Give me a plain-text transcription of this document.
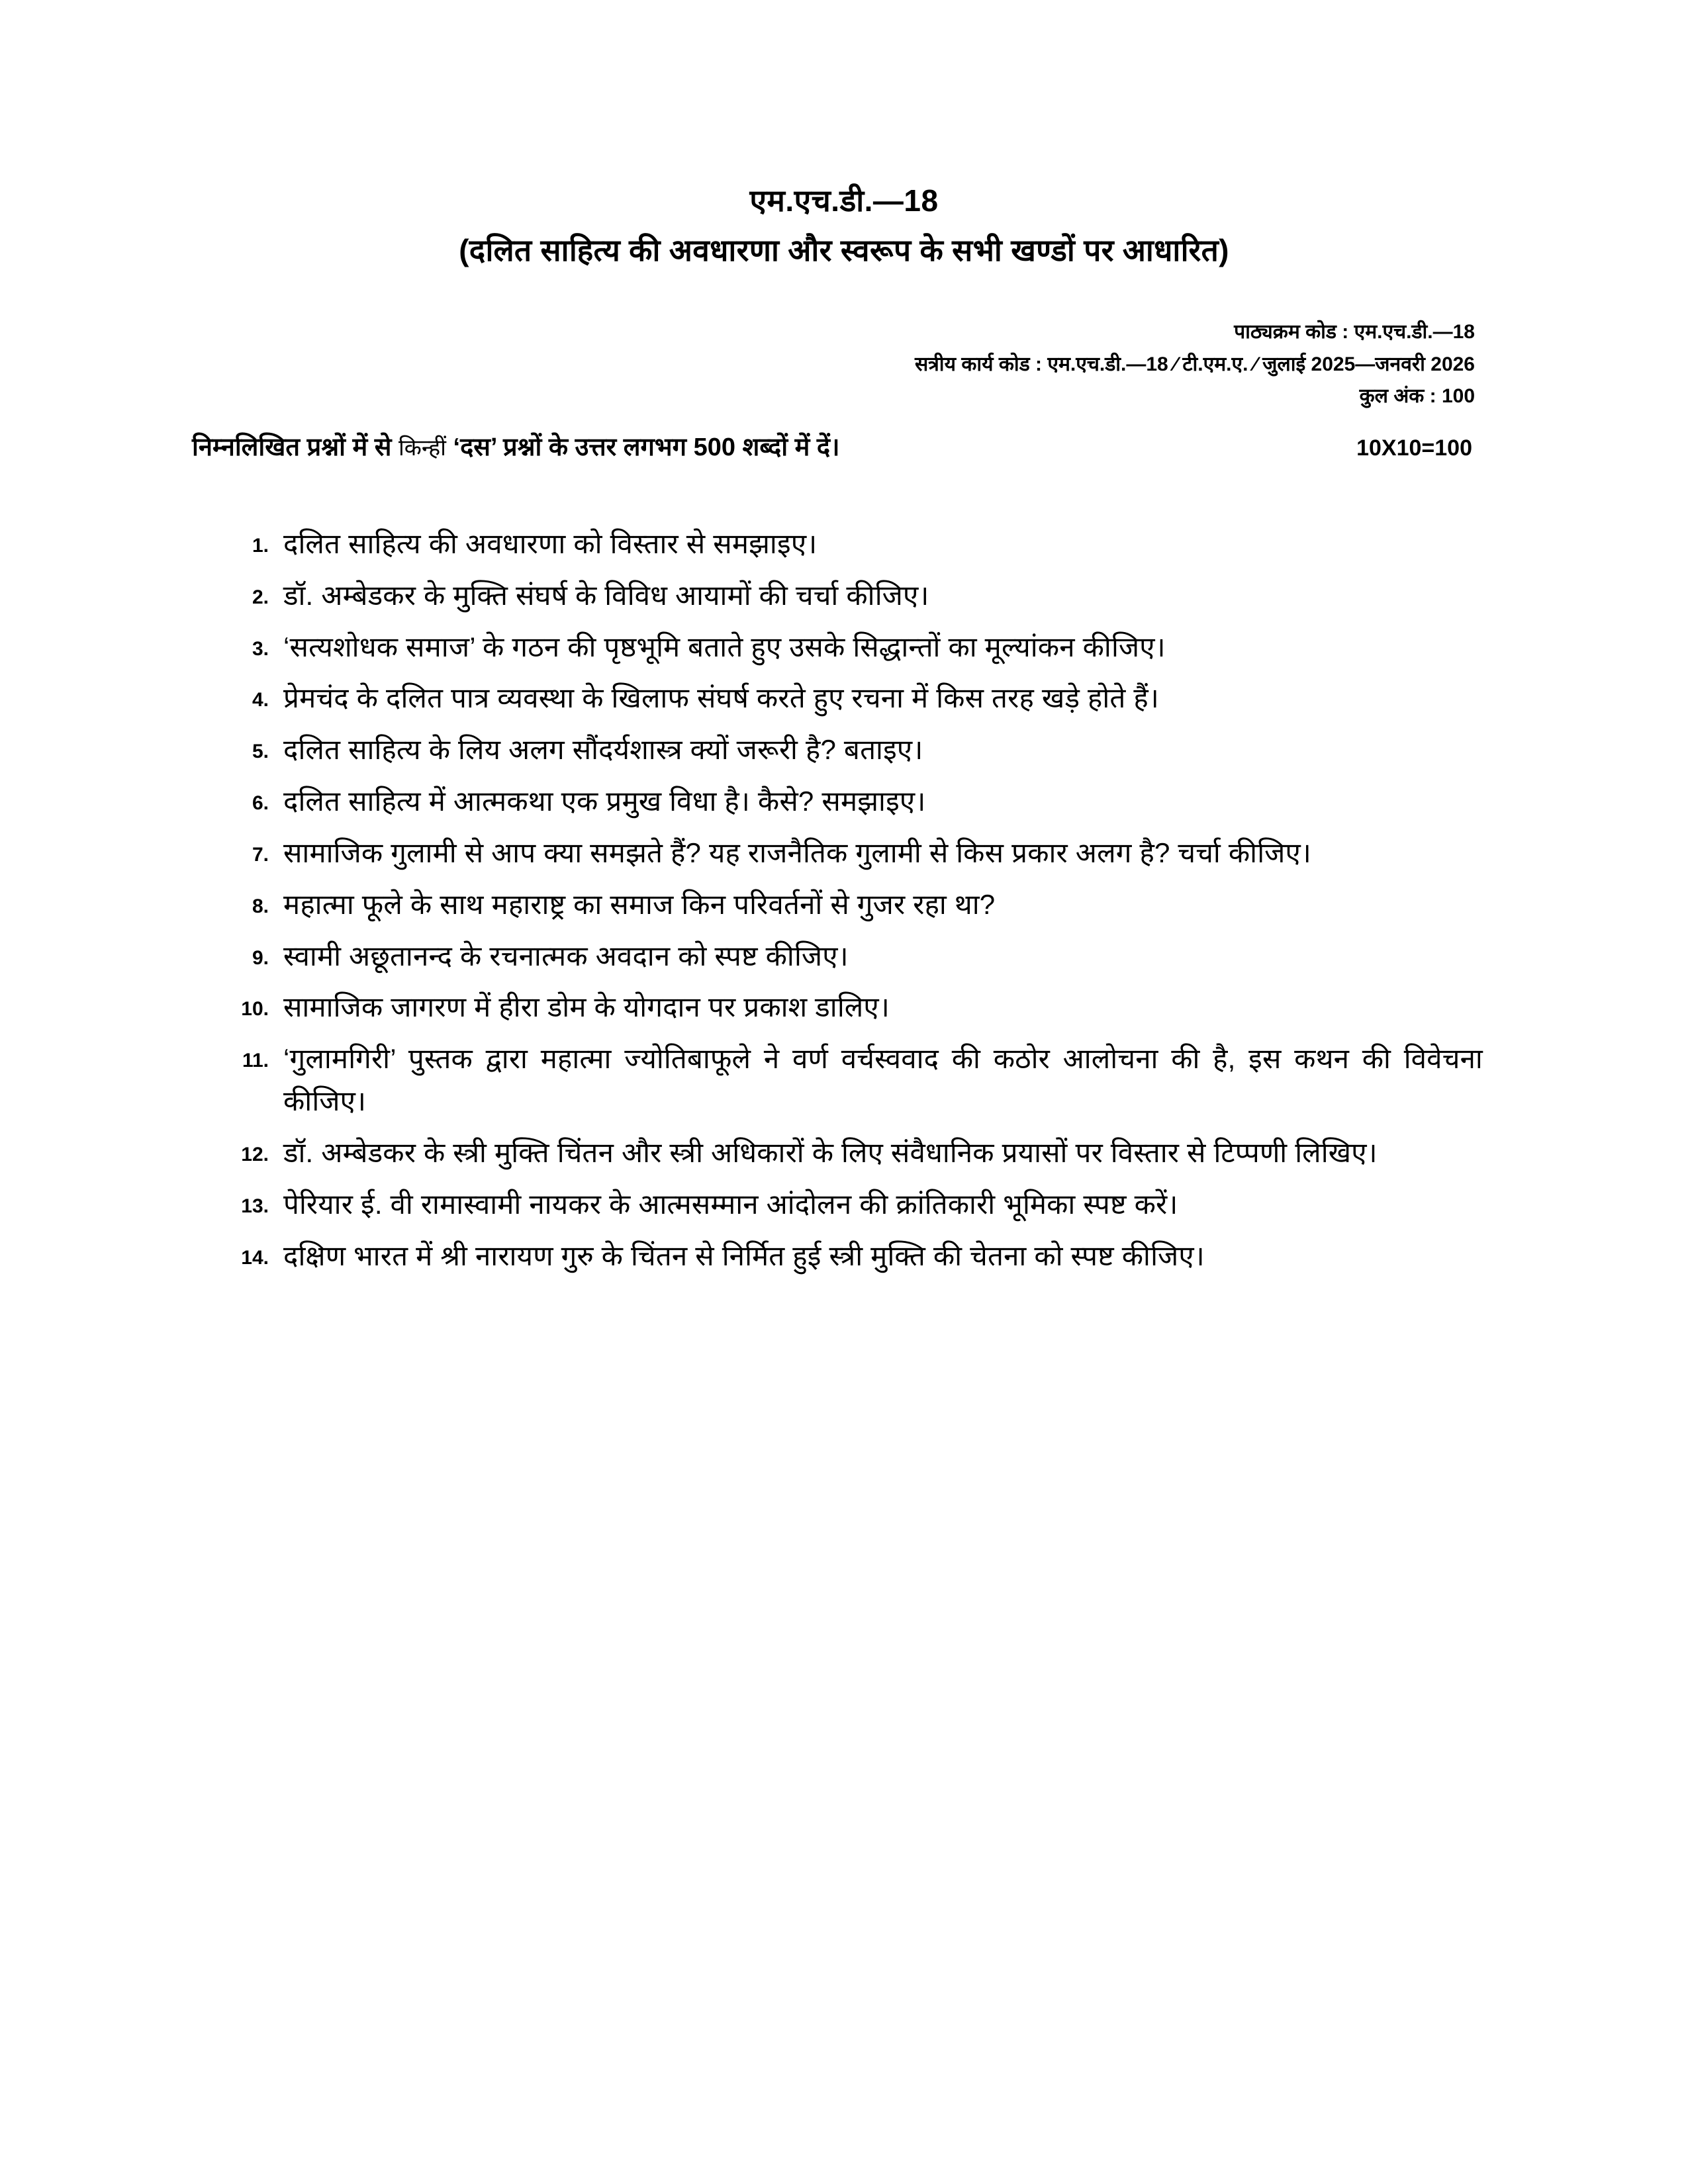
एम.एच.डी.—18
(दलित साहित्य की अवधारणा और स्वरूप के सभी खण्डों पर आधारित)
पाठ्यक्रम कोड : एम.एच.डी.—18
सत्रीय कार्य कोड : एम.एच.डी.—18 ⁄ टी.एम.ए. ⁄ जुलाई 2025—जनवरी 2026
कुल अंक : 100
निम्नलिखित प्रश्नों में से किन्हीं ‘दस’ प्रश्नों के उत्तर लगभग 500 शब्दों में दें।	10X10=100
1. दलित साहित्य की अवधारणा को विस्तार से समझाइए।
2. डॉ. अम्बेडकर के मुक्ति संघर्ष के विविध आयामों की चर्चा कीजिए।
3. ‘सत्यशोधक समाज’ के गठन की पृष्ठभूमि बताते हुए उसके सिद्धान्तों का मूल्यांकन कीजिए।
4. प्रेमचंद के दलित पात्र व्यवस्था के खिलाफ संघर्ष करते हुए रचना में किस तरह खड़े होते हैं।
5. दलित साहित्य के लिय अलग सौंदर्यशास्त्र क्यों जरूरी है? बताइए।
6. दलित साहित्य में आत्मकथा एक प्रमुख विधा है। कैसे? समझाइए।
7. सामाजिक गुलामी से आप क्या समझते हैं? यह राजनैतिक गुलामी से किस प्रकार अलग है? चर्चा कीजिए।
8. महात्मा फूले के साथ महाराष्ट्र का समाज किन परिवर्तनों से गुजर रहा था?
9. स्वामी अछूतानन्द के रचनात्मक अवदान को स्पष्ट कीजिए।
10. सामाजिक जागरण में हीरा डोम के योगदान पर प्रकाश डालिए।
11. ‘गुलामगिरी’ पुस्तक द्वारा महात्मा ज्योतिबाफूले ने वर्ण वर्चस्ववाद की कठोर आलोचना की है, इस कथन की विवेचना कीजिए।
12. डॉ. अम्बेडकर के स्त्री मुक्ति चिंतन और स्त्री अधिकारों के लिए संवैधानिक प्रयासों पर विस्तार से टिप्पणी लिखिए।
13. पेरियार ई. वी रामास्वामी नायकर के आत्मसम्मान आंदोलन की क्रांतिकारी भूमिका स्पष्ट करें।
14. दक्षिण भारत में श्री नारायण गुरु के चिंतन से निर्मित हुई स्त्री मुक्ति की चेतना को स्पष्ट कीजिए।
